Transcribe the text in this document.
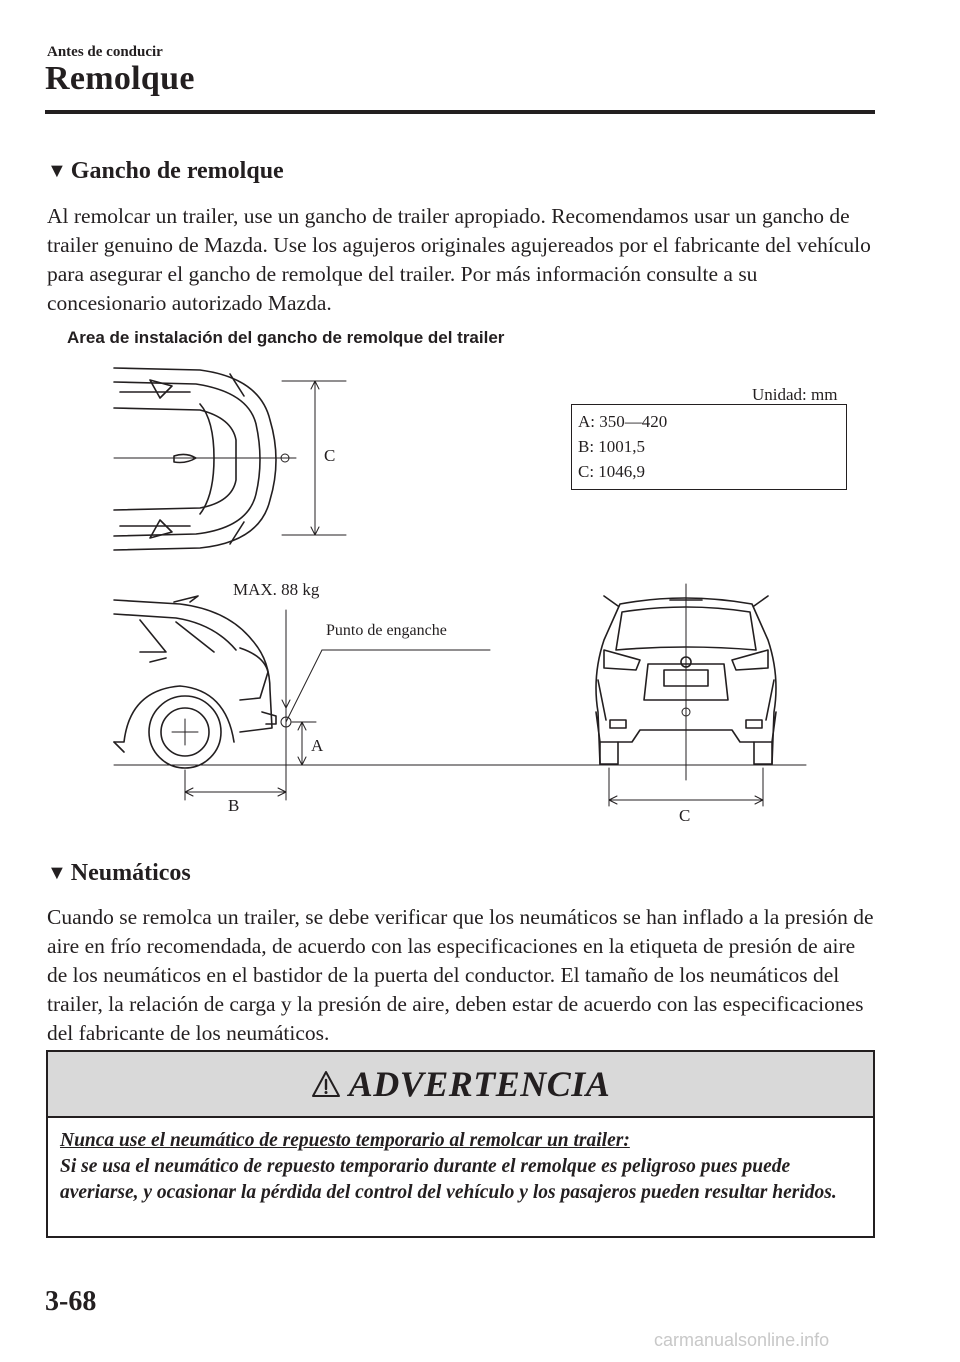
Antes de conducir
Remolque
▼ Gancho de remolque
Al remolcar un trailer, use un gancho de trailer apropiado. Recomendamos usar un gancho de trailer genuino de Mazda. Use los agujeros originales agujereados por el fabricante del vehículo para asegurar el gancho de remolque del trailer. Por más información consulte a su concesionario autorizado Mazda.
Area de instalación del gancho de remolque del trailer
Unidad: mm
A: 350—420
B: 1001,5
C: 1046,9
C
MAX. 88 kg
Punto de enganche
A
B
C
▼ Neumáticos
Cuando se remolca un trailer, se debe verificar que los neumáticos se han inflado a la presión de aire en frío recomendada, de acuerdo con las especificaciones en la etiqueta de presión de aire de los neumáticos en el bastidor de la puerta del conductor. El tamaño de los neumáticos del trailer, la relación de carga y la presión de aire, deben estar de acuerdo con las especificaciones del fabricante de los neumáticos.
ADVERTENCIA
Nunca use el neumático de repuesto temporario al remolcar un trailer:
Si se usa el neumático de repuesto temporario durante el remolque es peligroso pues puede averiarse, y ocasionar la pérdida del control del vehículo y los pasajeros pueden resultar heridos.
3-68
carmanualsonline.info
